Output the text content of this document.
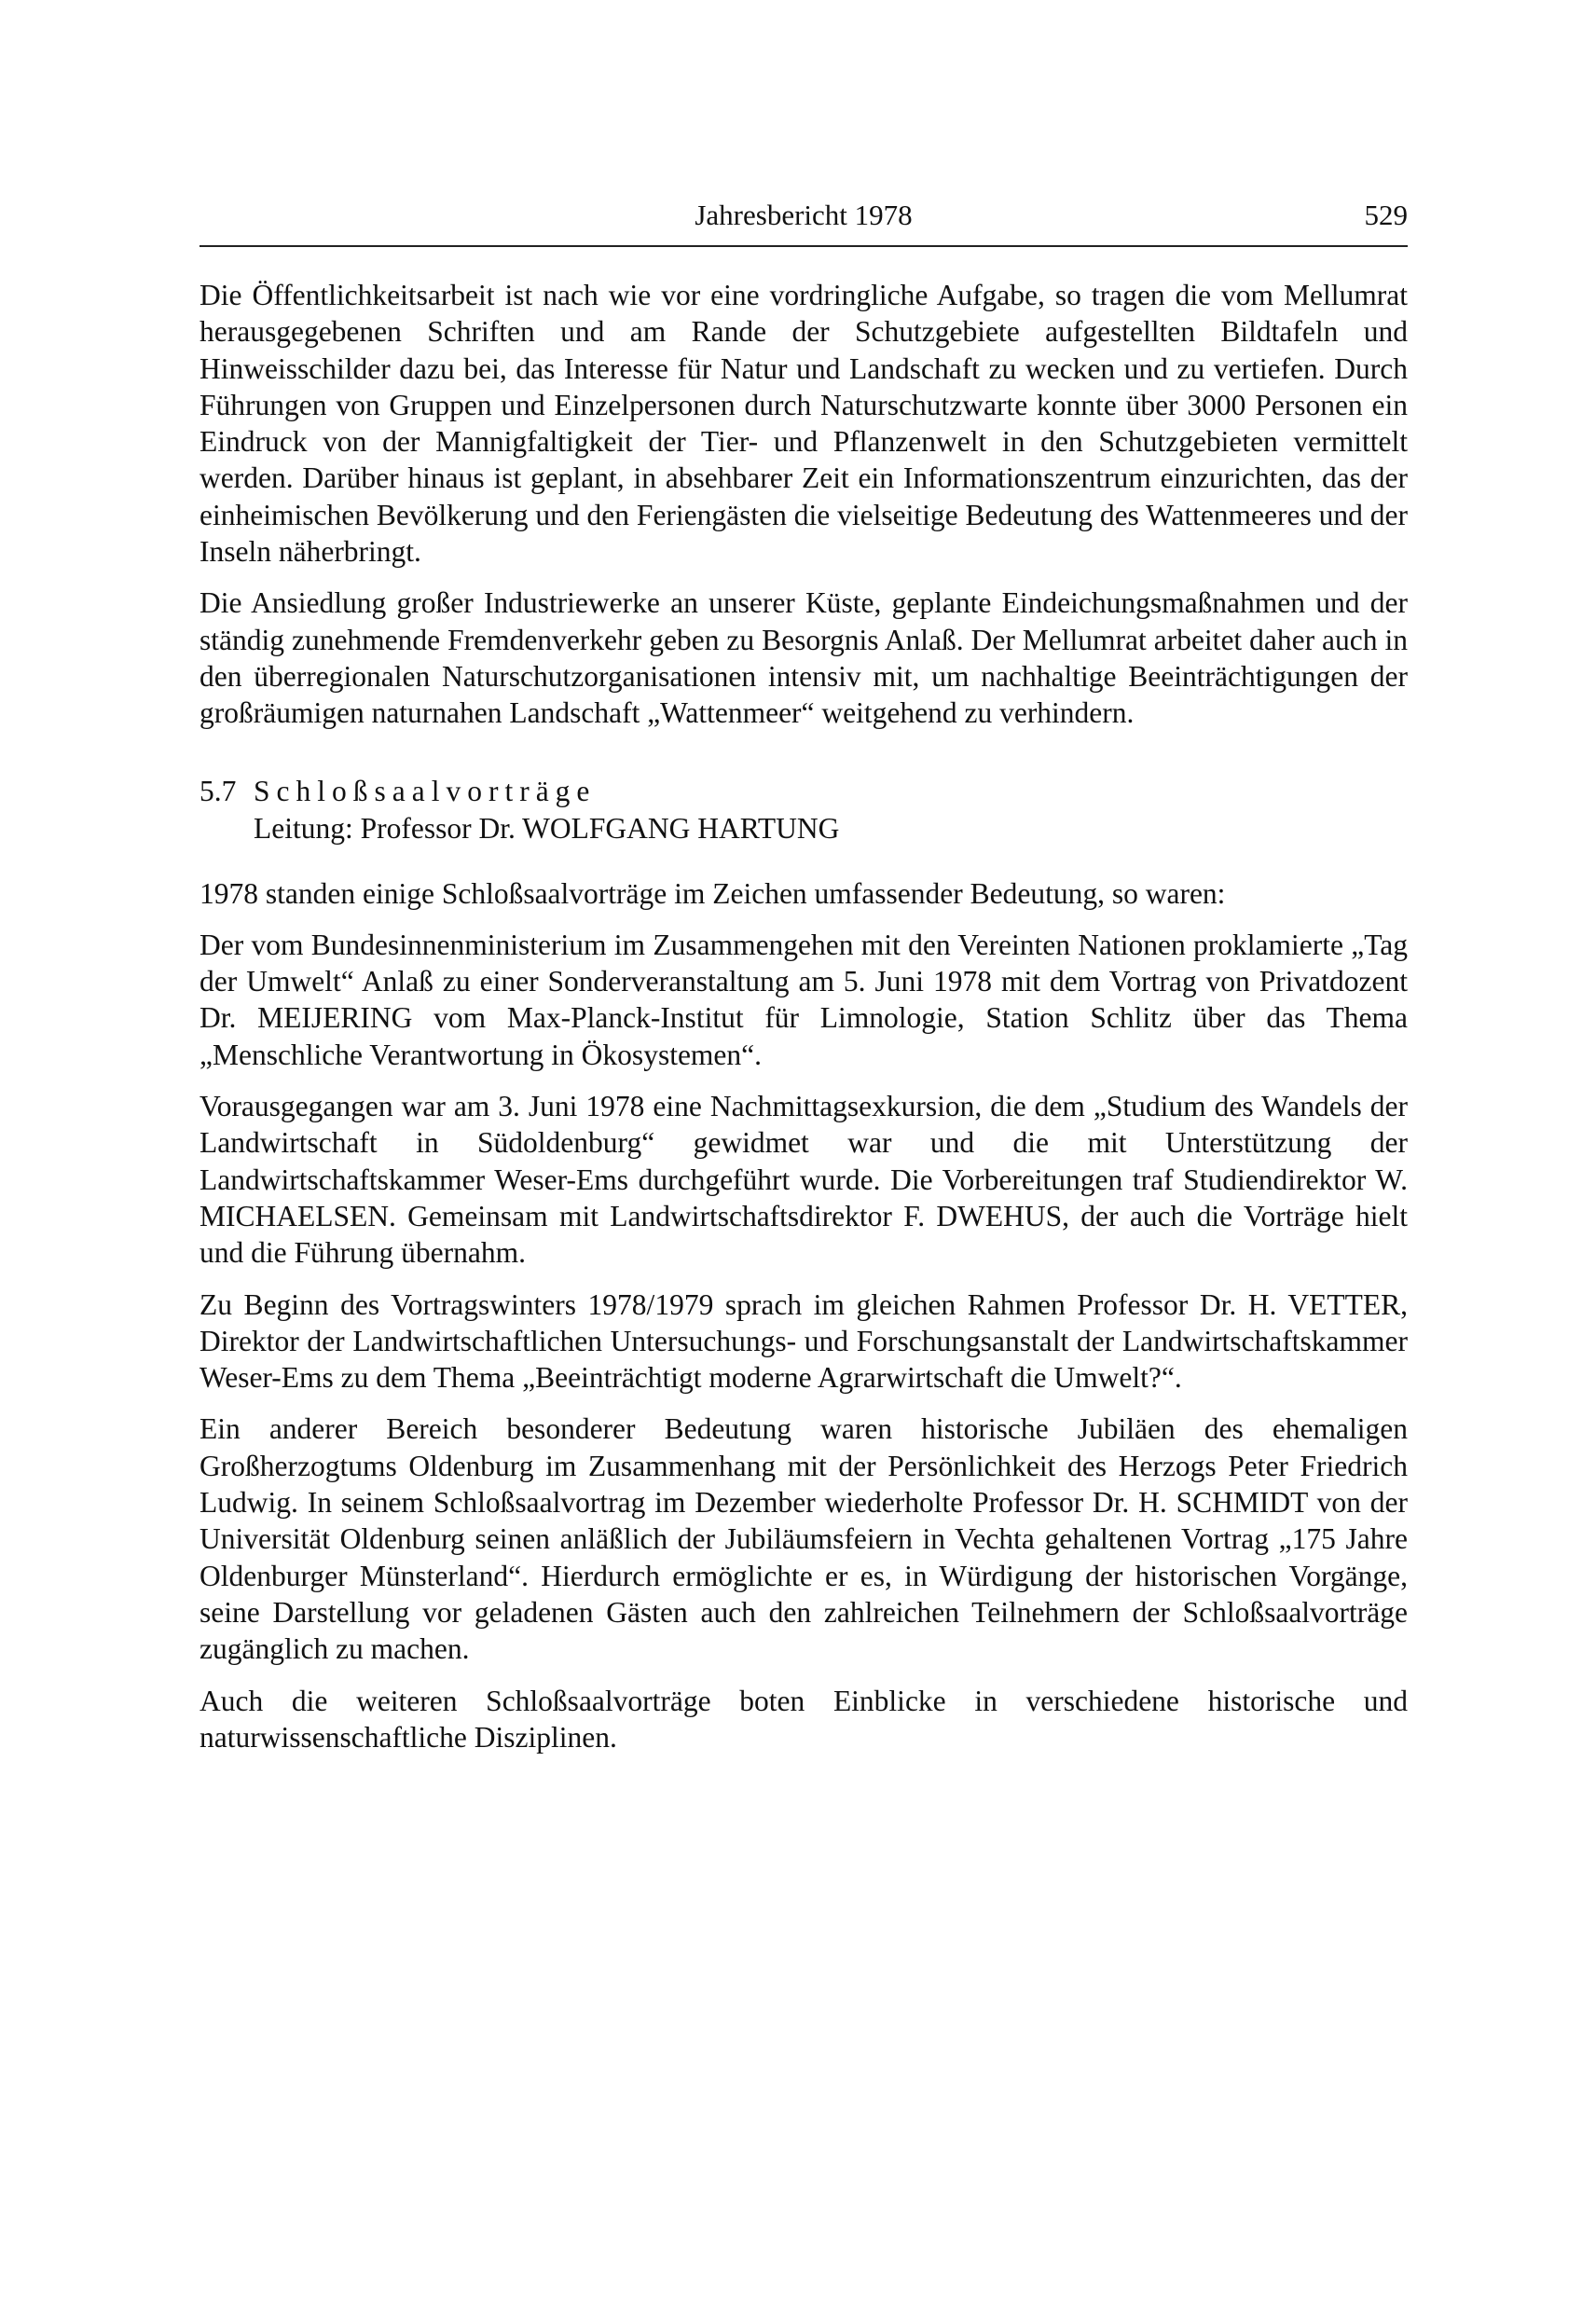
Jahresbericht 1978	529

Die Öffentlichkeitsarbeit ist nach wie vor eine vordringliche Aufgabe, so tragen die vom Mellumrat herausgegebenen Schriften und am Rande der Schutzgebiete aufgestellten Bildtafeln und Hinweisschilder dazu bei, das Interesse für Natur und Landschaft zu wecken und zu vertiefen. Durch Führungen von Gruppen und Einzelpersonen durch Naturschutzwarte konnte über 3000 Personen ein Eindruck von der Mannigfaltigkeit der Tier- und Pflanzenwelt in den Schutzgebieten vermittelt werden. Darüber hinaus ist geplant, in absehbarer Zeit ein Informationszentrum einzurichten, das der einheimischen Bevölkerung und den Feriengästen die vielseitige Bedeutung des Wattenmeeres und der Inseln näherbringt.

Die Ansiedlung großer Industriewerke an unserer Küste, geplante Eindeichungsmaßnahmen und der ständig zunehmende Fremdenverkehr geben zu Besorgnis Anlaß. Der Mellumrat arbeitet daher auch in den überregionalen Naturschutzorganisationen intensiv mit, um nachhaltige Beeinträchtigungen der großräumigen naturnahen Landschaft „Wattenmeer“ weitgehend zu verhindern.

5.7 Schloßsaalvorträge
Leitung: Professor Dr. WOLFGANG HARTUNG

1978 standen einige Schloßsaalvorträge im Zeichen umfassender Bedeutung, so waren:

Der vom Bundesinnenministerium im Zusammengehen mit den Vereinten Nationen proklamierte „Tag der Umwelt“ Anlaß zu einer Sonderveranstaltung am 5. Juni 1978 mit dem Vortrag von Privatdozent Dr. MEIJERING vom Max-Planck-Institut für Limnologie, Station Schlitz über das Thema „Menschliche Verantwortung in Ökosystemen“.

Vorausgegangen war am 3. Juni 1978 eine Nachmittagsexkursion, die dem „Studium des Wandels der Landwirtschaft in Südoldenburg“ gewidmet war und die mit Unterstützung der Landwirtschaftskammer Weser-Ems durchgeführt wurde. Die Vorbereitungen traf Studiendirektor W. MICHAELSEN. Gemeinsam mit Landwirtschaftsdirektor F. DWEHUS, der auch die Vorträge hielt und die Führung übernahm.

Zu Beginn des Vortragswinters 1978/1979 sprach im gleichen Rahmen Professor Dr. H. VETTER, Direktor der Landwirtschaftlichen Untersuchungs- und Forschungsanstalt der Landwirtschaftskammer Weser-Ems zu dem Thema „Beeinträchtigt moderne Agrarwirtschaft die Umwelt?“.

Ein anderer Bereich besonderer Bedeutung waren historische Jubiläen des ehemaligen Großherzogtums Oldenburg im Zusammenhang mit der Persönlichkeit des Herzogs Peter Friedrich Ludwig. In seinem Schloßsaalvortrag im Dezember wiederholte Professor Dr. H. SCHMIDT von der Universität Oldenburg seinen anläßlich der Jubiläumsfeiern in Vechta gehaltenen Vortrag „175 Jahre Oldenburger Münsterland“. Hierdurch ermöglichte er es, in Würdigung der historischen Vorgänge, seine Darstellung vor geladenen Gästen auch den zahlreichen Teilnehmern der Schloßsaalvorträge zugänglich zu machen.

Auch die weiteren Schloßsaalvorträge boten Einblicke in verschiedene historische und naturwissenschaftliche Disziplinen.
